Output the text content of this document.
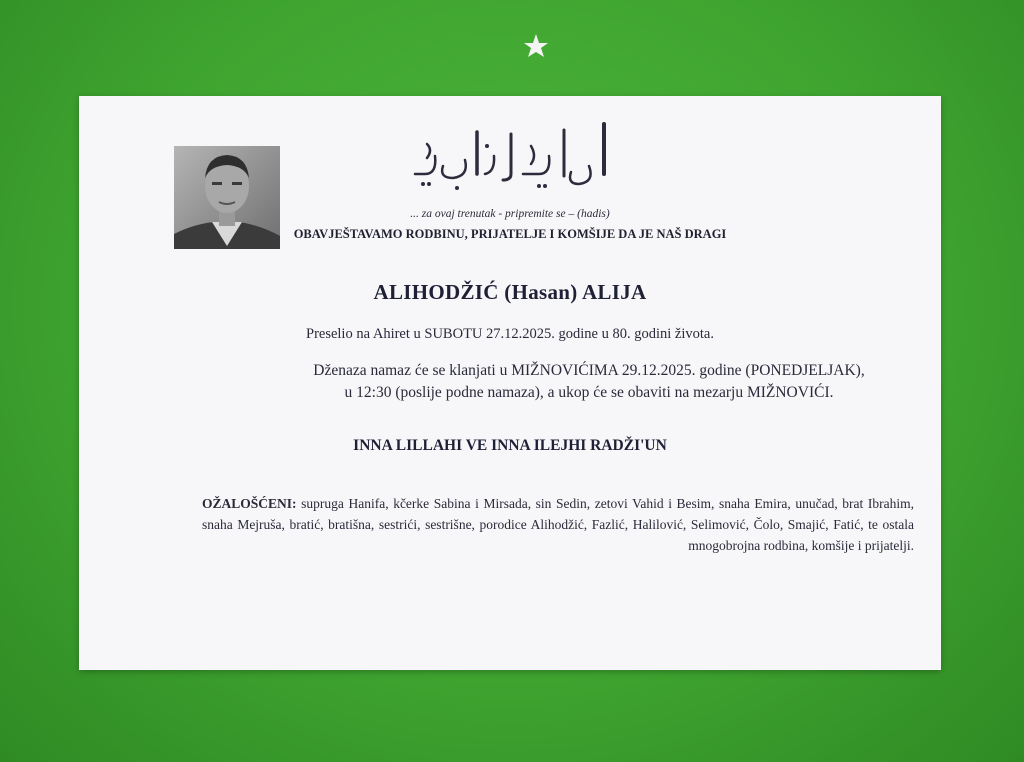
... za ovaj trenutak - pripremite se – (hadis)
OBAVJEŠTAVAMO RODBINU, PRIJATELJE I KOMŠIJE DA JE NAŠ DRAGI
ALIHODŽIĆ (Hasan) ALIJA
Preselio na Ahiret u SUBOTU 27.12.2025. godine u 80. godini života.
Dženaza namaz će se klanjati u MIŽNOVIĆIMA 29.12.2025. godine (PONEDJELJAK),
u 12:30 (poslije podne namaza), a ukop će se obaviti na mezarju MIŽNOVIĆI.
INNA LILLAHI VE INNA ILEJHI RADŽI'UN
OŽALOŠĆENI: supruga Hanifa, kčerke Sabina i Mirsada, sin Sedin, zetovi Vahid i Besim, snaha Emira, unučad, brat Ibrahim, snaha Mejruša, bratić, bratišna, sestrići, sestrišne, porodice Alihodžić, Fazlić, Halilović, Selimović, Čolo, Smajić, Fatić, te ostala mnogobrojna rodbina, komšije i prijatelji.
